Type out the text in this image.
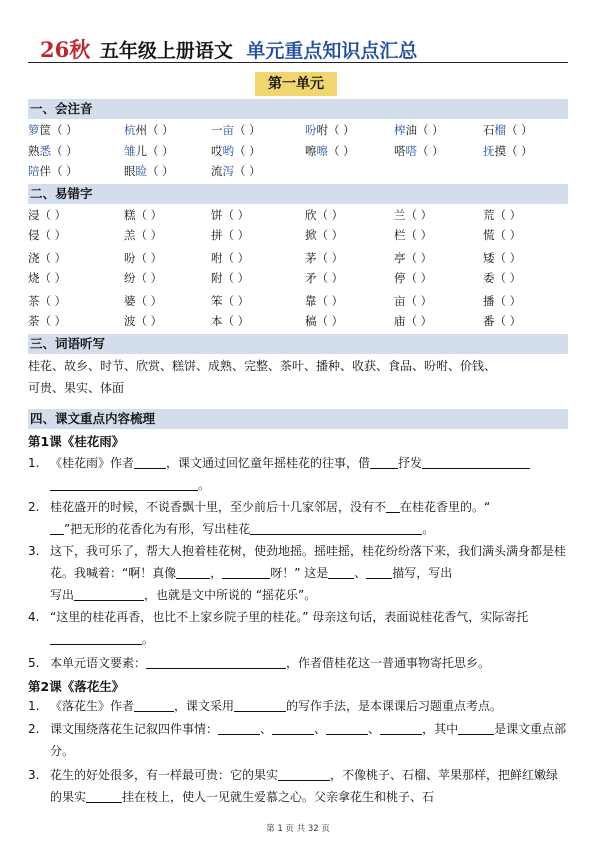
26秋 五年级上册语文 单元重点知识点汇总
第一单元
一、会注音
箩筐（ ）	杭州（ ）	一亩（ ）	吩咐（ ）	榨油（ ）	石榴（ ）
熟悉（ ）	雏儿（ ）	哎哟（ ）	嚓嚓（ ）	嗒嗒（ ）	抚摸（ ）
陪伴（ ）	眼睑（ ）	流泻（ ）
二、易错字
浸（ ）	糕（ ）	饼（ ）	欣（ ）	兰（ ）	荒（ ）
侵（ ）	羔（ ）	拼（ ）	掀（ ）	栏（ ）	慌（ ）
浇（ ）	吩（ ）	咐（ ）	茅（ ）	亭（ ）	矮（ ）
烧（ ）	纷（ ）	附（ ）	矛（ ）	停（ ）	委（ ）
茶（ ）	婆（ ）	笨（ ）	靠（ ）	亩（ ）	播（ ）
荼（ ）	波（ ）	本（ ）	稿（ ）	庙（ ）	番（ ）
三、词语听写
桂花、故乡、时节、欣赏、糕饼、成熟、完整、茶叶、播种、收获、食品、吩咐、价钱、
可贵、果实、体面
四、课文重点内容梳理
第1课《桂花雨》
1. 《桂花雨》作者	，课文通过回忆童年摇桂花的往事，借 抒发
。
2. 桂花盛开的时候，不说香飘十里，至少前后十几家邻居，没有不 在桂花香里的。“
”把无形的花香化为有形，写出桂花	。
3. 这下，我可乐了，帮大人抱着桂花树，使劲地摇。摇哇摇，桂花纷纷落下来，我们满头满身都是桂花。我喊着：“啊！真像	，	呀！” 这是 、 描写，写出

写出	，也就是文中所说的 “摇花乐”。
4. “这里的桂花再香，也比不上家乡院子里的桂花。” 母亲这句话，表面说桂花香气，实际寄托。
5. 本单元语文要素：	，作者借桂花这一普通事物寄托思乡。
第2课《落花生》
1. 《落花生》作者	，课文采用	的写作手法，是本课课后习题重点考点。
2. 课文围绕落花生记叙四件事情：	、	、	、	，其中	是课文重点部分。
3. 花生的好处很多，有一样最可贵：它的果实	，不像桃子、石榴、苹果那样，把鲜红嫩绿的果实	挂在枝上，使人一见就生爱慕之心。父亲拿花生和桃子、石
第 1 页 共 32 页
